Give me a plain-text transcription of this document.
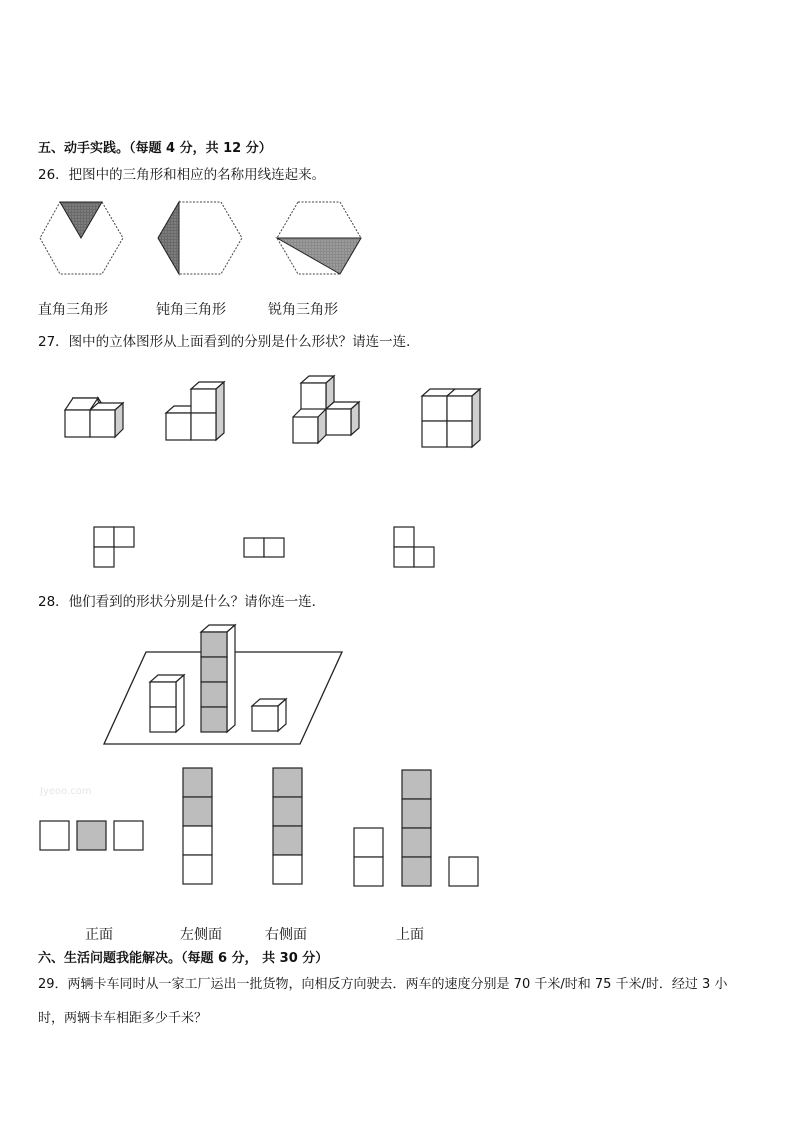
五、动手实践。（每题 4 分，共 12 分）
26．把图中的三角形和相应的名称用线连起来。
直角三角形	钝角三角形	锐角三角形
27．图中的立体图形从上面看到的分别是什么形状？请连一连．
28．他们看到的形状分别是什么？请你连一连．
Jyeoo.com
正面	左侧面	右侧面	上面
六、生活问题我能解决。（每题 6 分， 共 30 分）
29．两辆卡车同时从一家工厂运出一批货物，向相反方向驶去．两车的速度分别是 70 千米/时和 75 千米/时．经过 3 小
时，两辆卡车相距多少千米？
